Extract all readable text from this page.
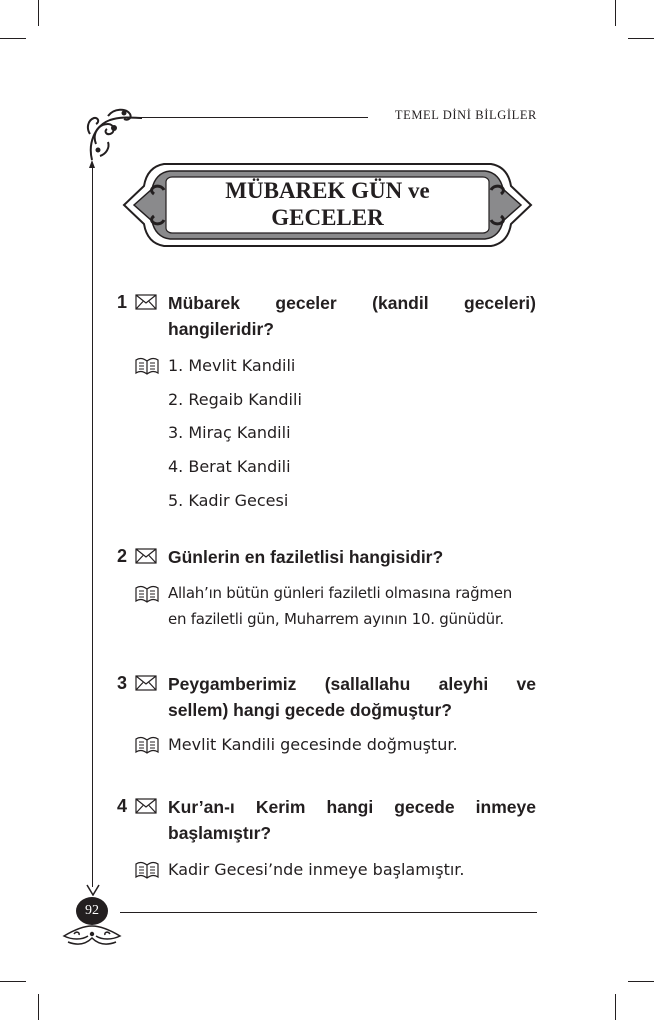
TEMEL DİNİ BİLGİLER
MÜBAREK GÜN ve
GECELER
1 Mübarek geceler (kandil geceleri)
hangileridir?
1. Mevlit Kandili
2. Regaib Kandili
3. Miraç Kandili
4. Berat Kandili
5. Kadir Gecesi
2 Günlerin en faziletlisi hangisidir?
Allah’ın bütün günleri faziletli olmasına rağmen
en faziletli gün, Muharrem ayının 10. günüdür.
3 Peygamberimiz (sallallahu aleyhi ve
sellem) hangi gecede doğmuştur?
Mevlit Kandili gecesinde doğmuştur.
4 Kur’an-ı Kerim hangi gecede inmeye
başlamıştır?
Kadir Gecesi’nde inmeye başlamıştır.
92
